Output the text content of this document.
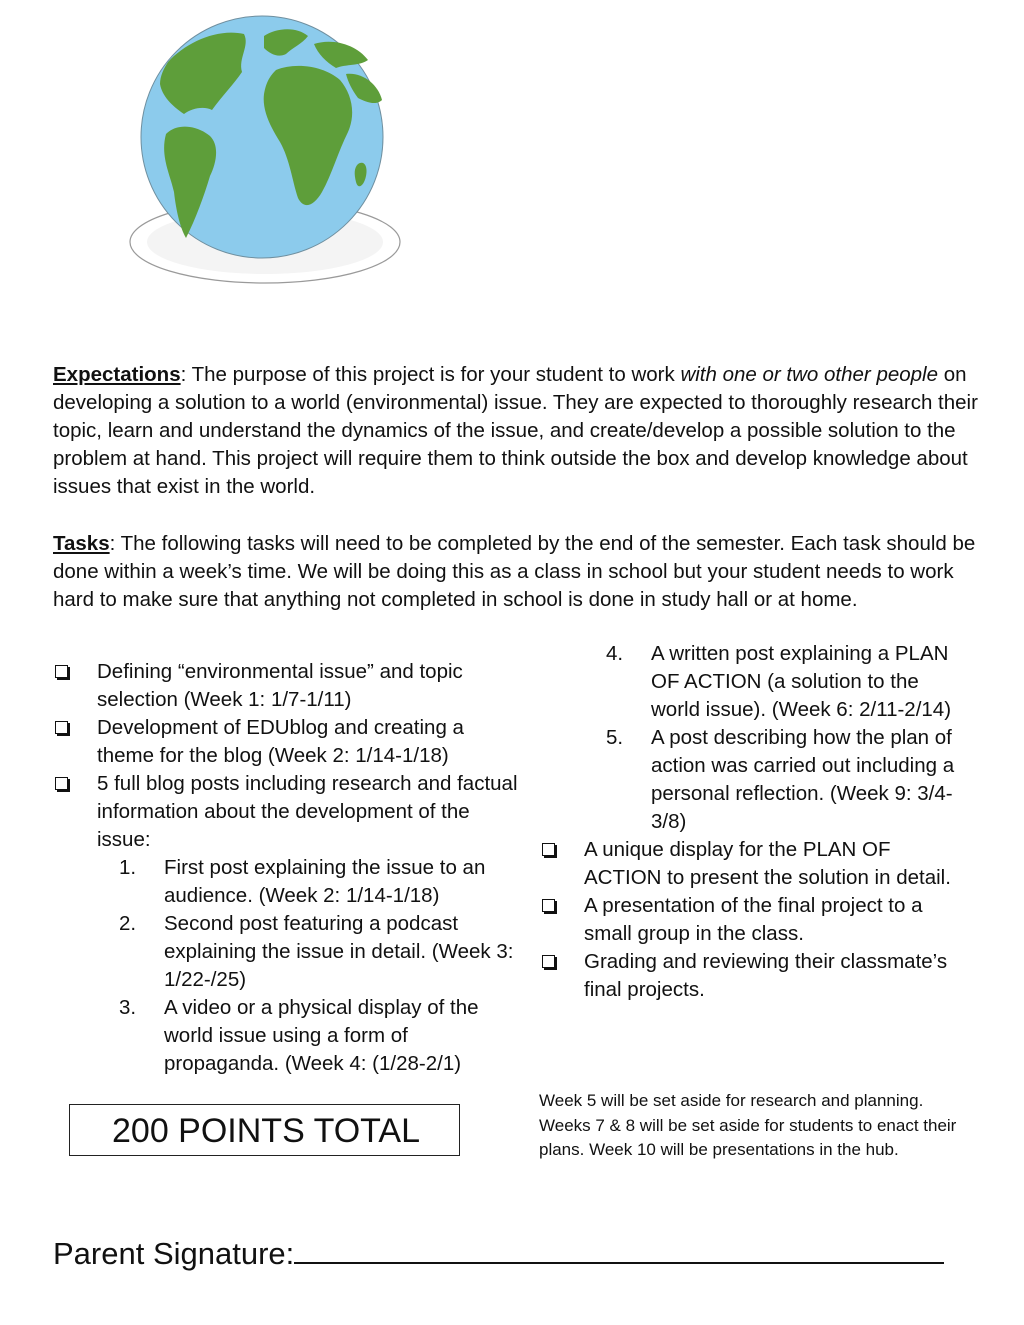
Expectations: The purpose of this project is for your student to work with one or two other people on developing a solution to a world (environmental) issue. They are expected to thoroughly research their topic, learn and understand the dynamics of the issue, and create/develop a possible solution to the problem at hand. This project will require them to think outside the box and develop knowledge about issues that exist in the world.
Tasks: The following tasks will need to be completed by the end of the semester. Each task should be done within a week’s time. We will be doing this as a class in school but your student needs to work hard to make sure that anything not completed in school is done in study hall or at home.
Defining “environmental issue” and topic selection (Week 1: 1/7-1/11)
Development of EDUblog and creating a theme for the blog (Week 2: 1/14-1/18)
5 full blog posts including research and factual information about the development of the issue:
1. First post explaining the issue to an audience. (Week 2: 1/14-1/18)
2. Second post featuring a podcast explaining the issue in detail. (Week 3: 1/22-/25)
3. A video or a physical display of the world issue using a form of propaganda. (Week 4: (1/28-2/1)
4. A written post explaining a PLAN OF ACTION (a solution to the world issue). (Week 6: 2/11-2/14)
5. A post describing how the plan of action was carried out including a personal reflection. (Week 9: 3/4-3/8)
A unique display for the PLAN OF ACTION to present the solution in detail.
A presentation of the final project to a small group in the class.
Grading and reviewing their classmate’s final projects.
200 POINTS TOTAL
Week 5 will be set aside for research and planning. Weeks 7 & 8 will be set aside for students to enact their plans. Week 10 will be presentations in the hub.
Parent Signature:
